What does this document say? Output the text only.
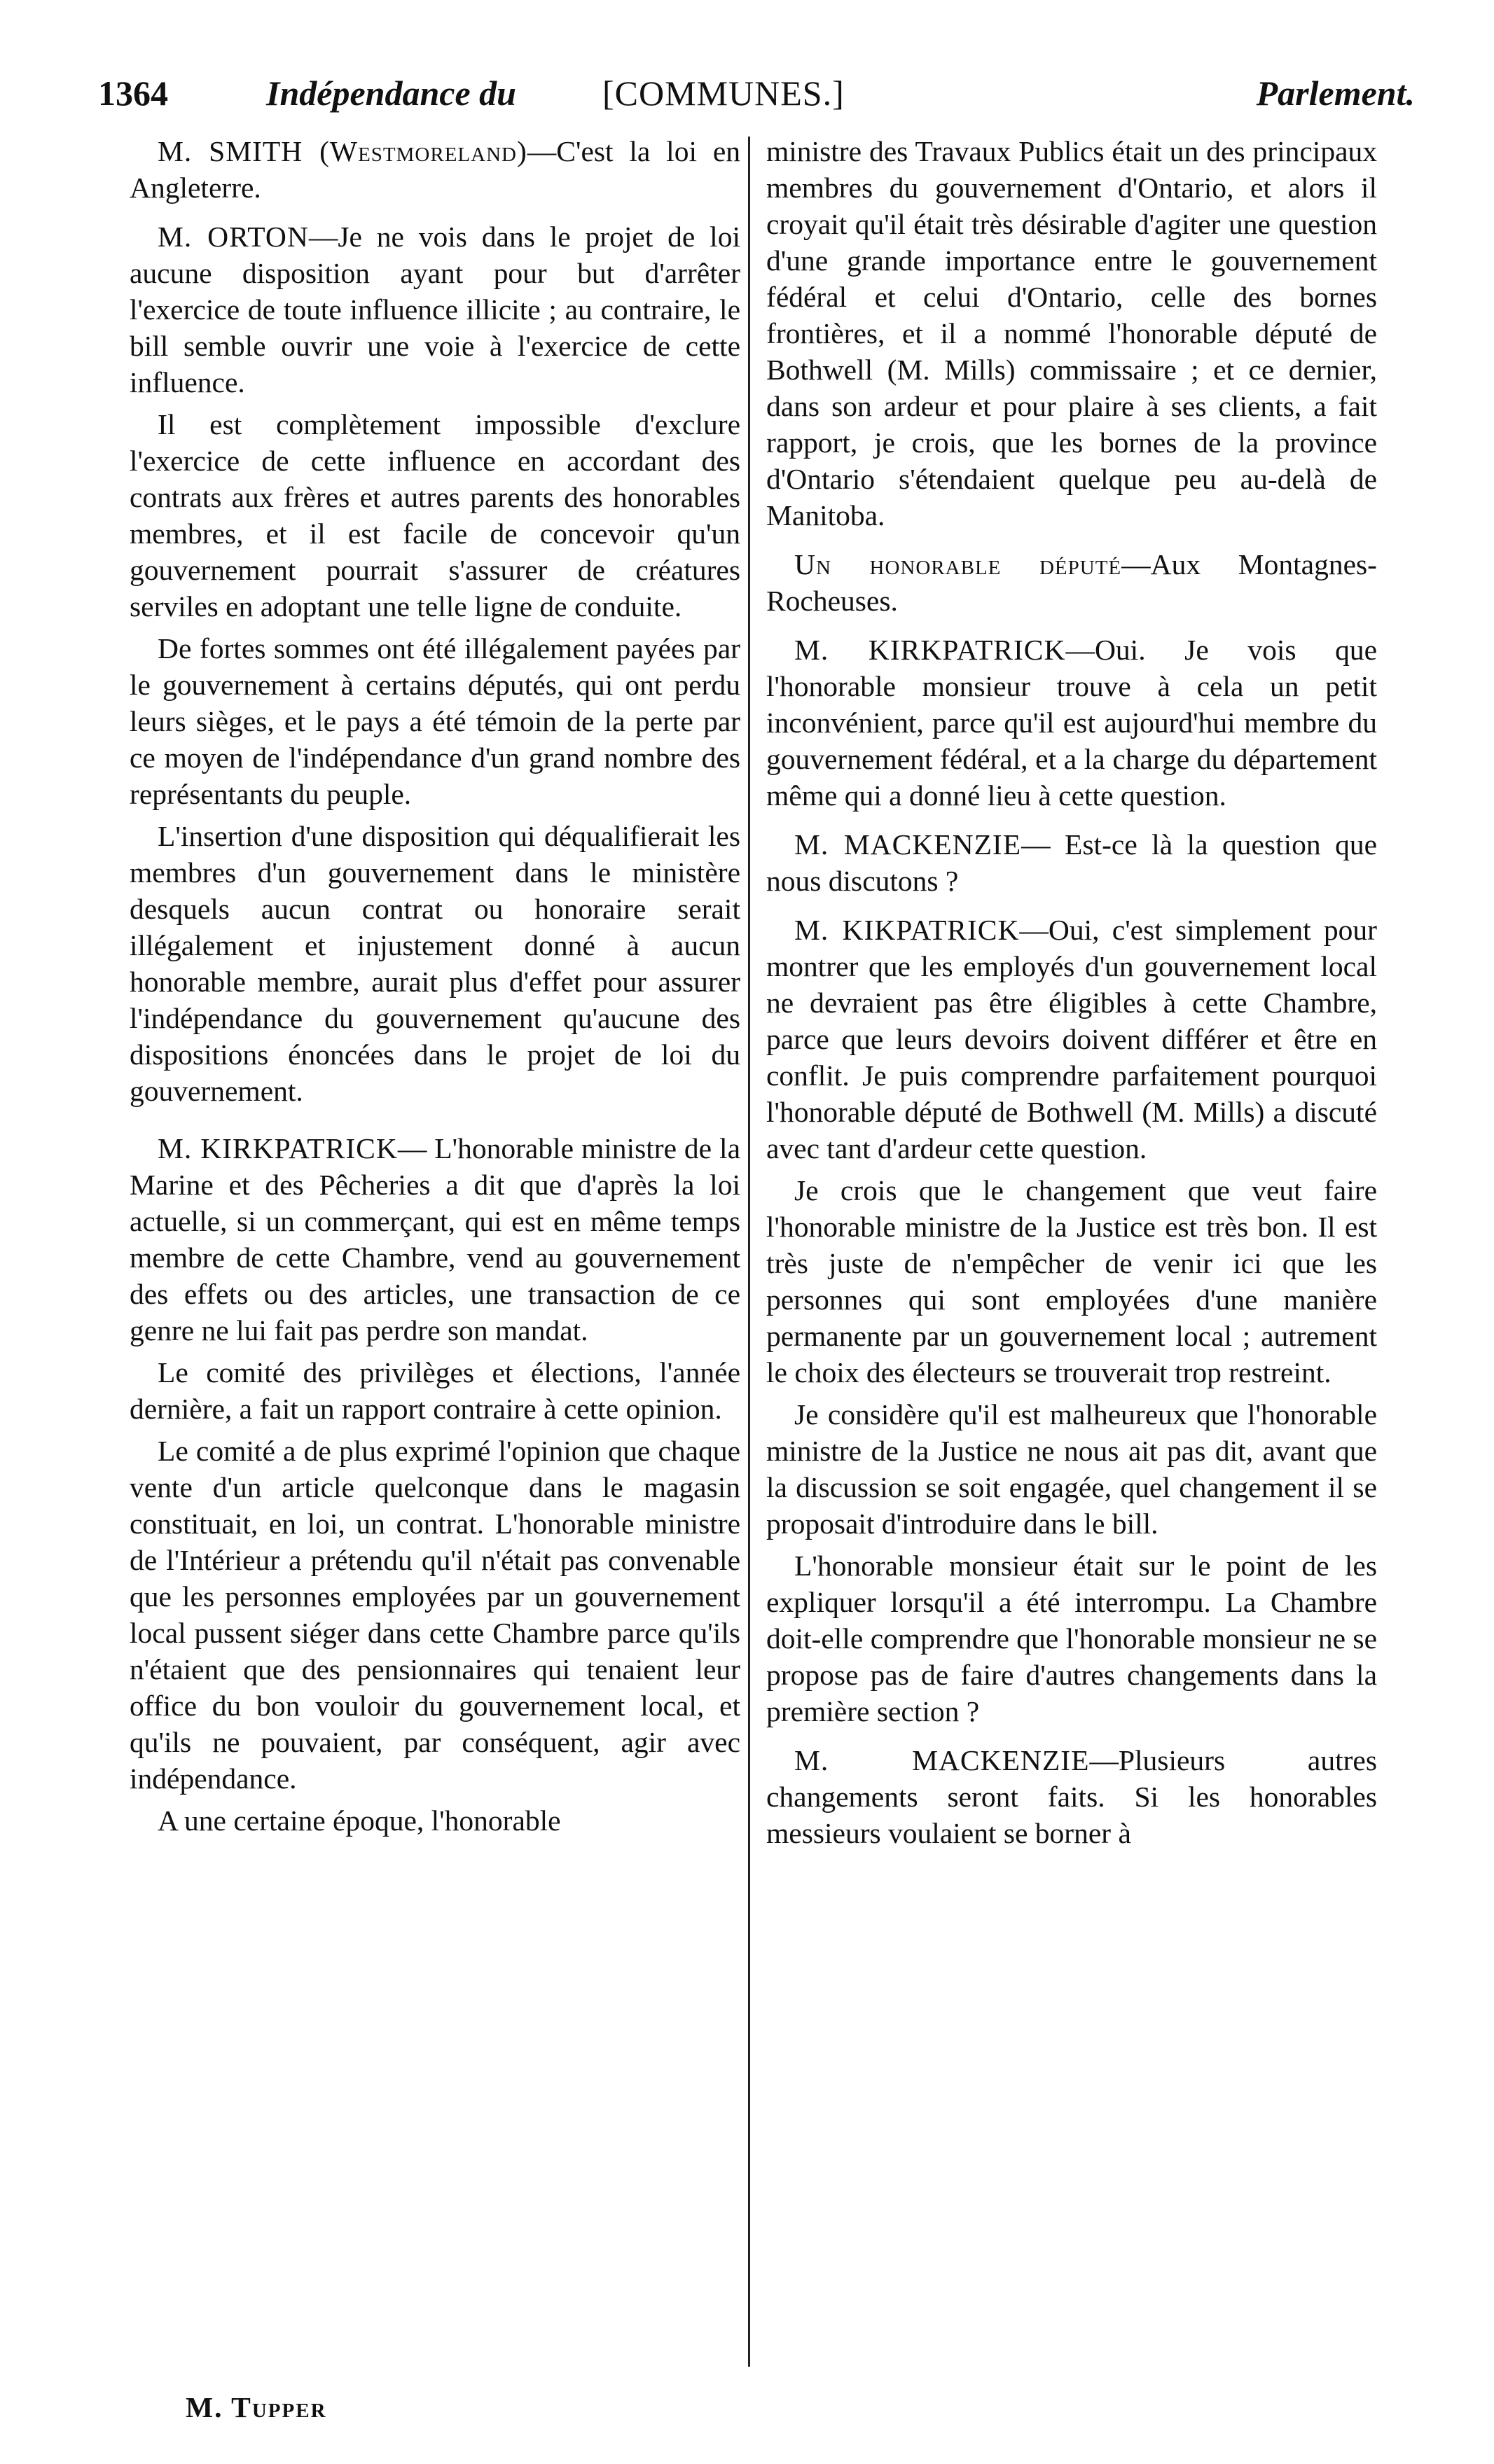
1364	Indépendance du [COMMUNES.]	Parlement.

M. SMITH (Westmoreland)—C'est la loi en Angleterre.

M. ORTON—Je ne vois dans le projet de loi aucune disposition ayant pour but d'arrêter l'exercice de toute influence illicite ; au contraire, le bill semble ouvrir une voie à l'exercice de cette influence.

Il est complètement impossible d'exclure l'exercice de cette influence en accordant des contrats aux frères et autres parents des honorables membres, et il est facile de concevoir qu'un gouvernement pourrait s'assurer de créatures serviles en adoptant une telle ligne de conduite.

De fortes sommes ont été illégalement payées par le gouvernement à certains députés, qui ont perdu leurs sièges, et le pays a été témoin de la perte par ce moyen de l'indépendance d'un grand nombre des représentants du peuple.

L'insertion d'une disposition qui déqualifierait les membres d'un gouvernement dans le ministère desquels aucun contrat ou honoraire serait illégalement et injustement donné à aucun honorable membre, aurait plus d'effet pour assurer l'indépendance du gouvernement qu'aucune des dispositions énoncées dans le projet de loi du gouvernement.

M. KIRKPATRICK— L'honorable ministre de la Marine et des Pêcheries a dit que d'après la loi actuelle, si un commerçant, qui est en même temps membre de cette Chambre, vend au gouvernement des effets ou des articles, une transaction de ce genre ne lui fait pas perdre son mandat.

Le comité des privilèges et élections, l'année dernière, a fait un rapport contraire à cette opinion.

Le comité a de plus exprimé l'opinion que chaque vente d'un article quelconque dans le magasin constituait, en loi, un contrat. L'honorable ministre de l'Intérieur a prétendu qu'il n'était pas convenable que les personnes employées par un gouvernement local pussent siéger dans cette Chambre parce qu'ils n'étaient que des pensionnaires qui tenaient leur office du bon vouloir du gouvernement local, et qu'ils ne pouvaient, par conséquent, agir avec indépendance.

A une certaine époque, l'honorable

ministre des Travaux Publics était un des principaux membres du gouvernement d'Ontario, et alors il croyait qu'il était très désirable d'agiter une question d'une grande importance entre le gouvernement fédéral et celui d'Ontario, celle des bornes frontières, et il a nommé l'honorable député de Bothwell (M. Mills) commissaire ; et ce dernier, dans son ardeur et pour plaire à ses clients, a fait rapport, je crois, que les bornes de la province d'Ontario s'étendaient quelque peu au-delà de Manitoba.

Un honorable député—Aux Montagnes-Rocheuses.

M. KIRKPATRICK—Oui. Je vois que l'honorable monsieur trouve à cela un petit inconvénient, parce qu'il est aujourd'hui membre du gouvernement fédéral, et a la charge du département même qui a donné lieu à cette question.

M. MACKENZIE— Est-ce là la question que nous discutons ?

M. KIKPATRICK—Oui, c'est simplement pour montrer que les employés d'un gouvernement local ne devraient pas être éligibles à cette Chambre, parce que leurs devoirs doivent différer et être en conflit. Je puis comprendre parfaitement pourquoi l'honorable député de Bothwell (M. Mills) a discuté avec tant d'ardeur cette question.

Je crois que le changement que veut faire l'honorable ministre de la Justice est très bon. Il est très juste de n'empêcher de venir ici que les personnes qui sont employées d'une manière permanente par un gouvernement local ; autrement le choix des électeurs se trouverait trop restreint.

Je considère qu'il est malheureux que l'honorable ministre de la Justice ne nous ait pas dit, avant que la discussion se soit engagée, quel changement il se proposait d'introduire dans le bill.

L'honorable monsieur était sur le point de les expliquer lorsqu'il a été interrompu. La Chambre doit-elle comprendre que l'honorable monsieur ne se propose pas de faire d'autres changements dans la première section ?

M. MACKENZIE—Plusieurs autres changements seront faits. Si les honorables messieurs voulaient se borner à

M. Tupper
